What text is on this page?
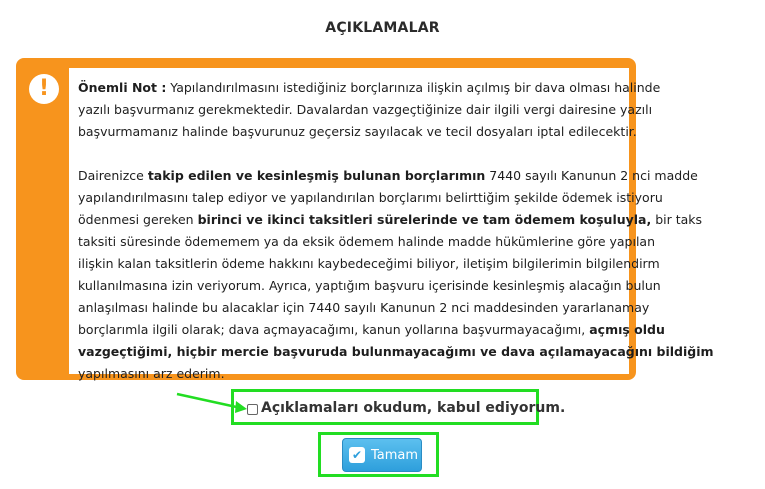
AÇIKLAMALAR
!	Önemli Not : Yapılandırılmasını istediğiniz borçlarınıza ilişkin açılmış bir dava olması halinde
yazılı başvurmanız gerekmektedir. Davalardan vazgeçtiğinize dair ilgili vergi dairesine yazılı
başvurmamanız halinde başvurunuz geçersiz sayılacak ve tecil dosyaları iptal edilecektir.
Dairenizce takip edilen ve kesinleşmiş bulunan borçlarımın 7440 sayılı Kanunun 2 nci madde
yapılandırılmasını talep ediyor ve yapılandırılan borçlarımı belirttiğim şekilde ödemek istiyoru
ödenmesi gereken birinci ve ikinci taksitleri sürelerinde ve tam ödemem koşuluyla, bir taks
taksiti süresinde ödememem ya da eksik ödemem halinde madde hükümlerine göre yapılan
ilişkin kalan taksitlerin ödeme hakkını kaybedeceğimi biliyor, iletişim bilgilerimin bilgilendirm
kullanılmasına izin veriyorum. Ayrıca, yaptığım başvuru içerisinde kesinleşmiş alacağın bulun
anlaşılması halinde bu alacaklar için 7440 sayılı Kanunun 2 nci maddesinden yararlanamay
borçlarımla ilgili olarak; dava açmayacağımı, kanun yollarına başvurmayacağımı, açmış oldu
vazgeçtiğimi, hiçbir mercie başvuruda bulunmayacağımı ve dava açılamayacağını bildiğim
yapılmasını arz ederim.
Açıklamaları okudum, kabul ediyorum.
✔ Tamam
